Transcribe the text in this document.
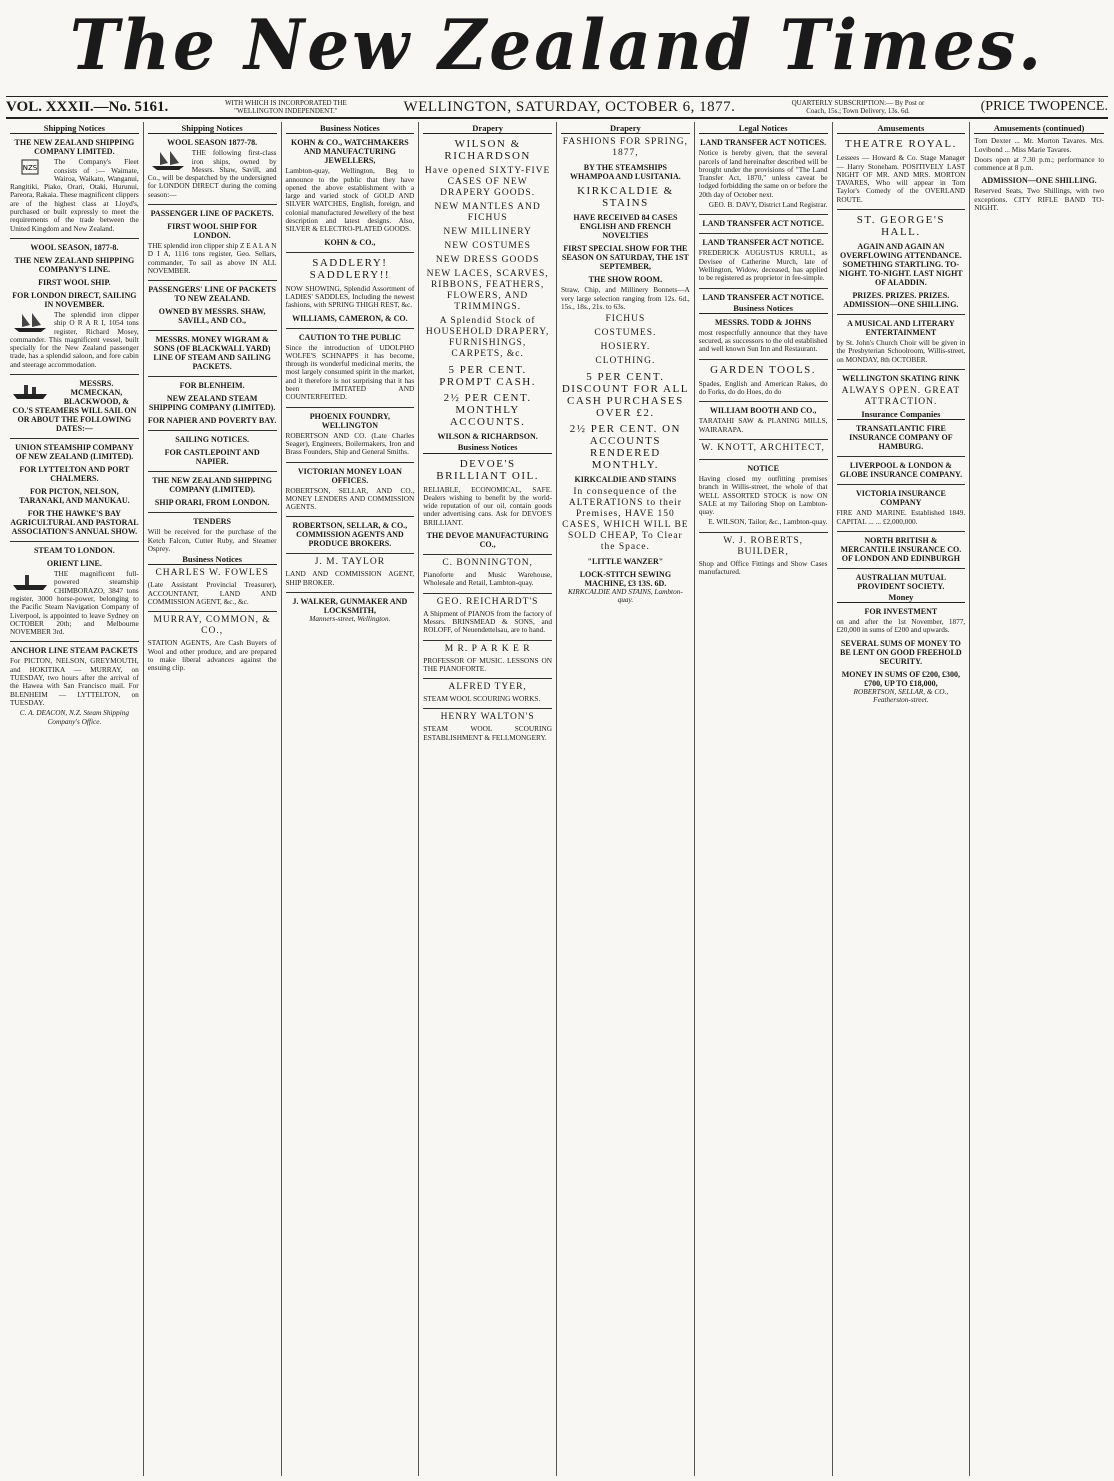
The New Zealand Times.
VOL. XXXII.—No. 5161.	WITH WHICH IS INCORPORATED THE "WELLINGTON INDEPENDENT."	WELLINGTON, SATURDAY, OCTOBER 6, 1877.	QUARTERLY SUBSCRIPTION:— By Post or Coach, 15s.; Town Delivery, 13s. 6d.	(PRICE TWOPENCE.
Shipping Notices
THE NEW ZEALAND SHIPPING COMPANY LIMITED.
NZS
The Company's Fleet consists of :— Waimate, Wairoa, Waikato, Wanganui, Rangitiki, Piako, Orari, Otaki, Hurunui, Pareora, Rakaia. These magnificent clippers are of the highest class at Lloyd's, purchased or built expressly to meet the requirements of the trade between the United Kingdom and New Zealand.
WOOL SEASON, 1877-8.
THE NEW ZEALAND SHIPPING COMPANY'S LINE.
FIRST WOOL SHIP.
FOR LONDON DIRECT, SAILING IN NOVEMBER.
The splendid iron clipper ship O R A R I, 1054 tons register, Richard Mosey, commander. This magnificent vessel, built specially for the New Zealand passenger trade, has a splendid saloon, and fore cabin and steerage accommodation.
MESSRS. MCMECKAN, BLACKWOOD, & CO.'S STEAMERS WILL SAIL ON OR ABOUT THE FOLLOWING DATES:—
UNION STEAMSHIP COMPANY OF NEW ZEALAND (LIMITED).
FOR LYTTELTON AND PORT CHALMERS.
FOR PICTON, NELSON, TARANAKI, AND MANUKAU.
FOR THE HAWKE'S BAY AGRICULTURAL AND PASTORAL ASSOCIATION'S ANNUAL SHOW.
STEAM TO LONDON.
ORIENT LINE.
THE magnificent full-powered steamship CHIMBORAZO, 3847 tons register, 3000 horse-power, belonging to the Pacific Steam Navigation Company of Liverpool, is appointed to leave Sydney on OCTOBER 20th; and Melbourne NOVEMBER 3rd.
ANCHOR LINE STEAM PACKETS
For PICTON, NELSON, GREYMOUTH, and HOKITIKA — MURRAY, on TUESDAY, two hours after the arrival of the Hawea with San Francisco mail. For BLENHEIM — LYTTELTON, on TUESDAY.
C. A. DEACON, N.Z. Steam Shipping Company's Office.
Shipping Notices
WOOL SEASON 1877-78.
THE following first-class iron ships, owned by Messrs. Shaw, Savill, and Co., will be despatched by the undersigned for LONDON DIRECT during the coming season:—
PASSENGER LINE OF PACKETS.
FIRST WOOL SHIP FOR LONDON.
THE splendid iron clipper ship Z E A L A N D I A, 1116 tons register, Geo. Sellars, commander, To sail as above IN ALL NOVEMBER.
PASSENGERS' LINE OF PACKETS TO NEW ZEALAND.
OWNED BY MESSRS. SHAW, SAVILL, AND CO.,
MESSRS. MONEY WIGRAM & SONS (OF BLACKWALL YARD) LINE OF STEAM AND SAILING PACKETS.
FOR BLENHEIM.
NEW ZEALAND STEAM SHIPPING COMPANY (LIMITED).
FOR NAPIER AND POVERTY BAY.
SAILING NOTICES.
FOR CASTLEPOINT AND NAPIER.
THE NEW ZEALAND SHIPPING COMPANY (LIMITED).
SHIP ORARI, FROM LONDON.
TENDERS
Will be received for the purchase of the Ketch Falcon, Cutter Ruby, and Steamer Osprey.
Business Notices
CHARLES W. FOWLES
(Late Assistant Provincial Treasurer), ACCOUNTANT, LAND AND COMMISSION AGENT, &c., &c.
MURRAY, COMMON, & CO.,
STATION AGENTS, Are Cash Buyers of Wool and other produce, and are prepared to make liberal advances against the ensuing clip.
Business Notices
KOHN & CO., WATCHMAKERS AND MANUFACTURING JEWELLERS,
Lambton-quay, Wellington, Beg to announce to the public that they have opened the above establishment with a large and varied stock of GOLD AND SILVER WATCHES, English, foreign, and colonial manufactured Jewellery of the best description and latest designs. Also, SILVER & ELECTRO-PLATED GOODS.
KOHN & CO.,
SADDLERY! SADDLERY!!
NOW SHOWING, Splendid Assortment of LADIES' SADDLES, Including the newest fashions, with SPRING THIGH REST, &c.
WILLIAMS, CAMERON, & CO.
CAUTION TO THE PUBLIC
Since the introduction of UDOLPHO WOLFE'S SCHNAPPS it has become, through its wonderful medicinal merits, the most largely consumed spirit in the market, and it therefore is not surprising that it has been IMITATED AND COUNTERFEITED.
PHOENIX FOUNDRY, WELLINGTON
ROBERTSON AND CO. (Late Charles Seager), Engineers, Boilermakers, Iron and Brass Founders, Ship and General Smiths.
VICTORIAN MONEY LOAN OFFICES.
ROBERTSON, SELLAR, AND CO., MONEY LENDERS AND COMMISSION AGENTS.
ROBERTSON, SELLAR, & CO., COMMISSION AGENTS AND PRODUCE BROKERS.
J. M. TAYLOR
LAND AND COMMISSION AGENT, SHIP BROKER.
J. WALKER, GUNMAKER AND LOCKSMITH,
Manners-street, Wellington.
Drapery
WILSON & RICHARDSON
Have opened SIXTY-FIVE CASES OF NEW DRAPERY GOODS.
NEW MANTLES AND FICHUS
NEW MILLINERY
NEW COSTUMES
NEW DRESS GOODS
NEW LACES, SCARVES, RIBBONS, FEATHERS, FLOWERS, AND TRIMMINGS.
A Splendid Stock of HOUSEHOLD DRAPERY, FURNISHINGS, CARPETS, &c.
5 PER CENT. PROMPT CASH.
2½ PER CENT. MONTHLY ACCOUNTS.
WILSON & RICHARDSON.
Business Notices
DEVOE'S BRILLIANT OIL.
RELIABLE, ECONOMICAL, SAFE. Dealers wishing to benefit by the world-wide reputation of our oil, contain goods under advertising cans. Ask for DEVOE'S BRILLIANT.
THE DEVOE MANUFACTURING CO.,
C. BONNINGTON,
Pianoforte and Music Warehouse, Wholesale and Retail, Lambton-quay.
GEO. REICHARDT'S
A Shipment of PIANOS from the factory of Messrs. BRINSMEAD & SONS, and ROLOFF, of Neuendettelsau, are to hand.
M R. P A R K E R
PROFESSOR OF MUSIC. LESSONS ON THE PIANOFORTE.
ALFRED TYER,
STEAM WOOL SCOURING WORKS.
HENRY WALTON'S
STEAM WOOL SCOURING ESTABLISHMENT & FELLMONGERY.
Drapery
FASHIONS FOR SPRING, 1877,
BY THE STEAMSHIPS WHAMPOA AND LUSITANIA.
KIRKCALDIE & STAINS
HAVE RECEIVED 84 CASES ENGLISH AND FRENCH NOVELTIES
FIRST SPECIAL SHOW FOR THE SEASON ON SATURDAY, THE 1ST SEPTEMBER,
THE SHOW ROOM.
Straw, Chip, and Millinery Bonnets—A very large selection ranging from 12s. 6d., 15s., 18s., 21s. to 63s.
FICHUS
COSTUMES.
HOSIERY.
CLOTHING.
5 PER CENT. DISCOUNT FOR ALL CASH PURCHASES OVER £2.
2½ PER CENT. ON ACCOUNTS RENDERED MONTHLY.
KIRKCALDIE AND STAINS
In consequence of the ALTERATIONS to their Premises, HAVE 150 CASES, WHICH WILL BE SOLD CHEAP, To Clear the Space.
"LITTLE WANZER"
LOCK-STITCH SEWING MACHINE, £3 13S. 6D.
KIRKCALDIE AND STAINS, Lambton-quay.
Legal Notices
LAND TRANSFER ACT NOTICES.
Notice is hereby given, that the several parcels of land hereinafter described will be brought under the provisions of "The Land Transfer Act, 1870," unless caveat be lodged forbidding the same on or before the 20th day of October next.
GEO. B. DAVY, District Land Registrar.
LAND TRANSFER ACT NOTICE.
LAND TRANSFER ACT NOTICE.
FREDERICK AUGUSTUS KRULL, as Devisee of Catherine Murch, late of Wellington, Widow, deceased, has applied to be registered as proprietor in fee-simple.
LAND TRANSFER ACT NOTICE.
Business Notices
MESSRS. TODD & JOHNS
most respectfully announce that they have secured, as successors to the old established and well known Sun Inn and Restaurant.
GARDEN TOOLS.
Spades, English and American Rakes, do do Forks, do do Hoes, do do
WILLIAM BOOTH AND CO.,
TARATAHI SAW & PLANING MILLS, WAIRARAPA.
W. KNOTT, ARCHITECT,
NOTICE
Having closed my outfitting premises branch in Willis-street, the whole of that WELL ASSORTED STOCK is now ON SALE at my Tailoring Shop on Lambton-quay.
E. WILSON, Tailor, &c., Lambton-quay.
W. J. ROBERTS, BUILDER,
Shop and Office Fittings and Show Cases manufactured.
Amusements
THEATRE ROYAL.
Lessees — Howard & Co. Stage Manager — Harry Stoneham. POSITIVELY LAST NIGHT OF MR. AND MRS. MORTON TAVARES, Who will appear in Tom Taylor's Comedy of the OVERLAND ROUTE.
ST. GEORGE'S HALL.
AGAIN AND AGAIN AN OVERFLOWING ATTENDANCE. SOMETHING STARTLING. TO-NIGHT. TO-NIGHT. LAST NIGHT OF ALADDIN.
PRIZES. PRIZES. PRIZES. ADMISSION—ONE SHILLING.
A MUSICAL AND LITERARY ENTERTAINMENT
by St. John's Church Choir will be given in the Presbyterian Schoolroom, Willis-street, on MONDAY, 8th OCTOBER.
WELLINGTON SKATING RINK
ALWAYS OPEN. GREAT ATTRACTION.
Insurance Companies
TRANSATLANTIC FIRE INSURANCE COMPANY OF HAMBURG.
LIVERPOOL & LONDON & GLOBE INSURANCE COMPANY.
VICTORIA INSURANCE COMPANY
FIRE AND MARINE. Established 1849. CAPITAL ... ... £2,000,000.
NORTH BRITISH & MERCANTILE INSURANCE CO. OF LONDON AND EDINBURGH
AUSTRALIAN MUTUAL PROVIDENT SOCIETY.
Money
FOR INVESTMENT
on and after the 1st November, 1877, £20,000 in sums of £200 and upwards.
SEVERAL SUMS OF MONEY TO BE LENT ON GOOD FREEHOLD SECURITY.
MONEY IN SUMS OF £200, £300, £700, UP TO £18,000,
ROBERTSON, SELLAR, & CO., Featherston-street.
Amusements (continued)
Tom Dexter ... Mr. Morton Tavares. Mrs. Lovibond ... Miss Marie Tavares.
Doors open at 7.30 p.m.; performance to commence at 8 p.m.
ADMISSION—ONE SHILLING.
Reserved Seats, Two Shillings, with two exceptions. CITY RIFLE BAND TO-NIGHT.
